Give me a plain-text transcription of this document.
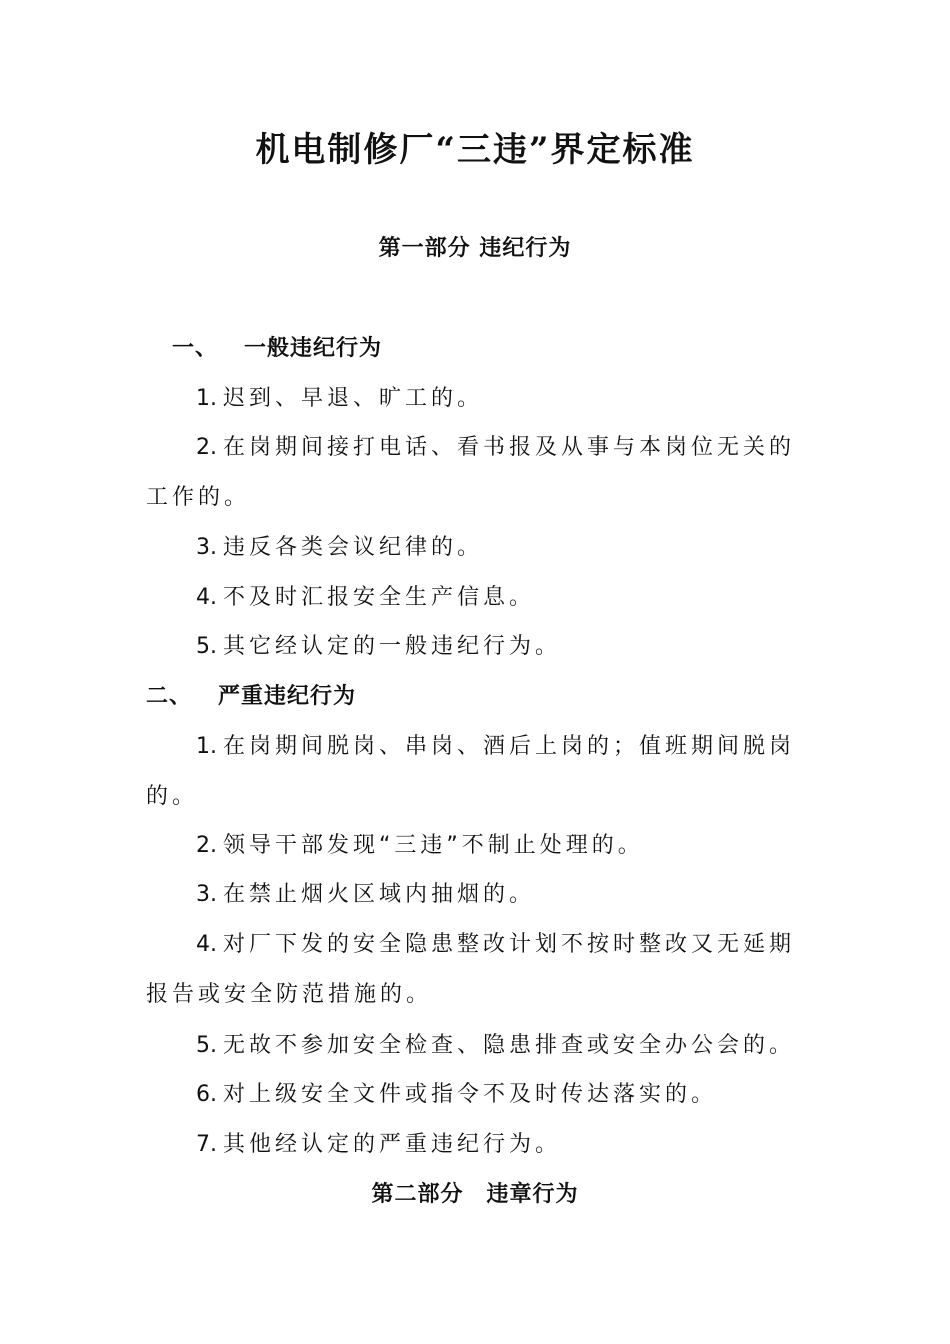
机电制修厂“三违”界定标准
第一部分 违纪行为
一、 一般违纪行为

1. 迟到、早退、旷工的。

2. 在岗期间接打电话、看书报及从事与本岗位无关的工作的。

3. 违反各类会议纪律的。

4. 不及时汇报安全生产信息。

5. 其它经认定的一般违纪行为。

二、 严重违纪行为

1. 在岗期间脱岗、串岗、酒后上岗的；值班期间脱岗的。

2. 领导干部发现“三违”不制止处理的。

3. 在禁止烟火区域内抽烟的。

4. 对厂下发的安全隐患整改计划不按时整改又无延期报告或安全防范措施的。

5. 无故不参加安全检查、隐患排查或安全办公会的。

6. 对上级安全文件或指令不及时传达落实的。

7. 其他经认定的严重违纪行为。

第二部分　违章行为
